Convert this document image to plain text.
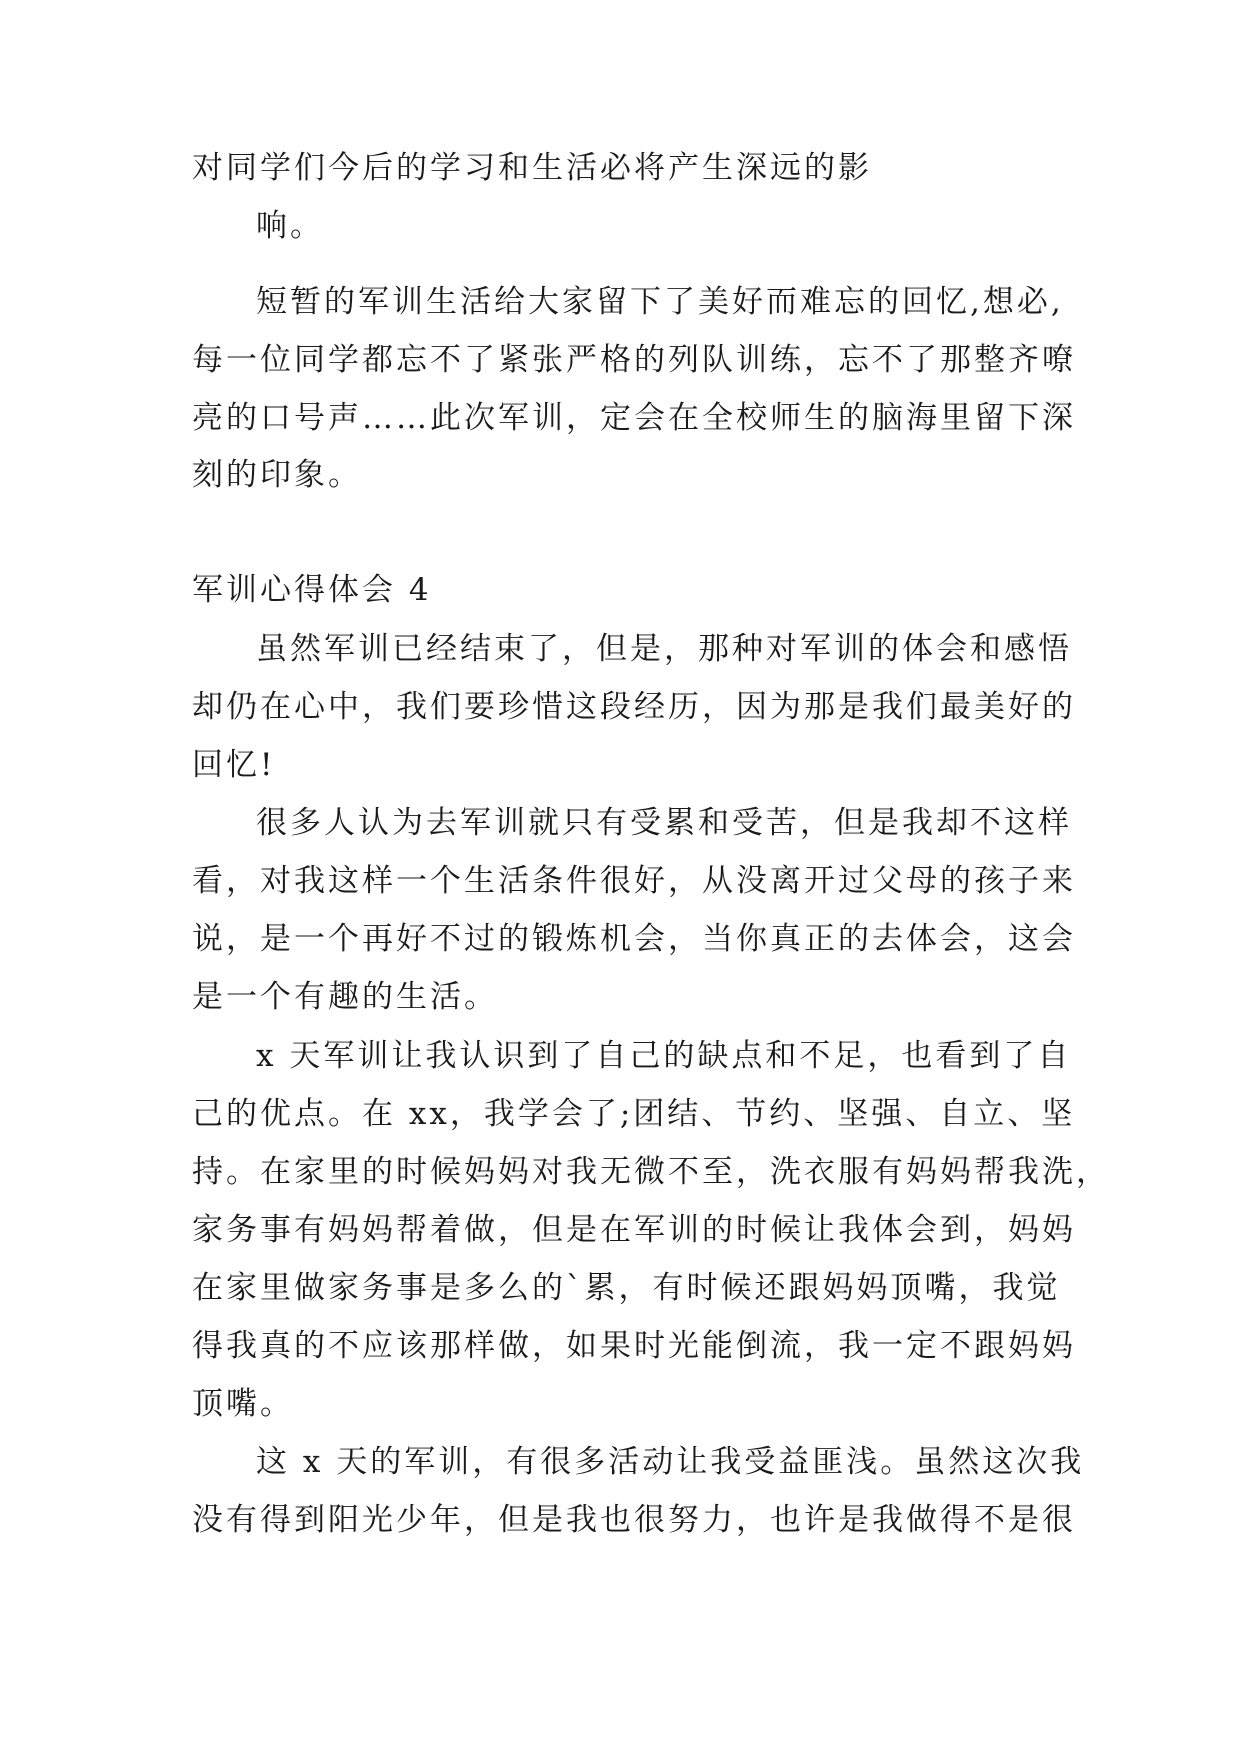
对同学们今后的学习和生活必将产生深远的影
响。
短暂的军训生活给大家留下了美好而难忘的回忆,想必,
每一位同学都忘不了紧张严格的列队训练，忘不了那整齐嘹
亮的口号声……此次军训，定会在全校师生的脑海里留下深
刻的印象。
军训心得体会 4
虽然军训已经结束了，但是，那种对军训的体会和感悟
却仍在心中，我们要珍惜这段经历，因为那是我们最美好的
回忆!
很多人认为去军训就只有受累和受苦，但是我却不这样
看，对我这样一个生活条件很好，从没离开过父母的孩子来
说，是一个再好不过的锻炼机会，当你真正的去体会，这会
是一个有趣的生活。
x 天军训让我认识到了自己的缺点和不足，也看到了自
己的优点。在 xx，我学会了;团结、节约、坚强、自立、坚
持。在家里的时候妈妈对我无微不至，洗衣服有妈妈帮我洗，
家务事有妈妈帮着做，但是在军训的时候让我体会到，妈妈
在家里做家务事是多么的`累，有时候还跟妈妈顶嘴，我觉
得我真的不应该那样做，如果时光能倒流，我一定不跟妈妈
顶嘴。
这 x 天的军训，有很多活动让我受益匪浅。虽然这次我
没有得到阳光少年，但是我也很努力，也许是我做得不是很
